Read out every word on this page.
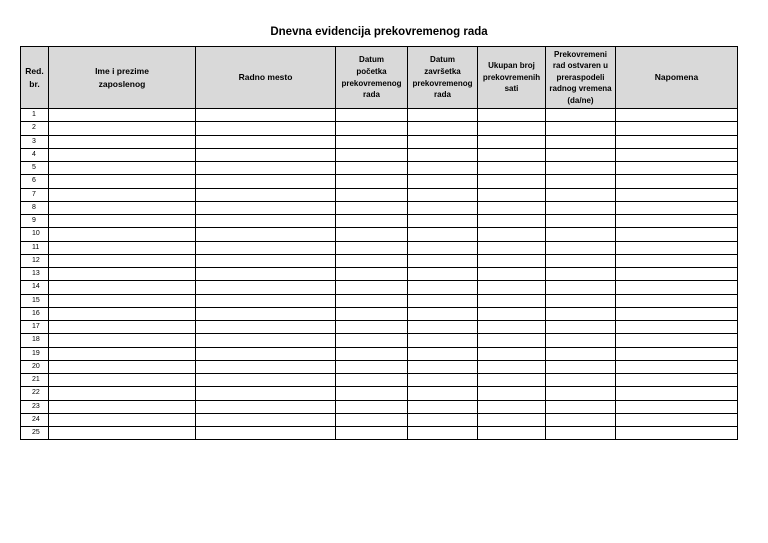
Dnevna evidencija prekovremenog rada
Red.
br.	Ime i prezime
zaposlenog	Radno mesto	Datum
početka
prekovremenog
rada	Datum
završetka
prekovremenog
rada	Ukupan broj
prekovremenih
sati	Prekovremeni
rad ostvaren u
preraspodeli
radnog vremena
(da/ne)	Napomena
1							
2							
3							
4							
5							
6							
7							
8							
9							
10							
11							
12							
13							
14							
15							
16							
17							
18							
19							
20							
21							
22							
23							
24							
25							
